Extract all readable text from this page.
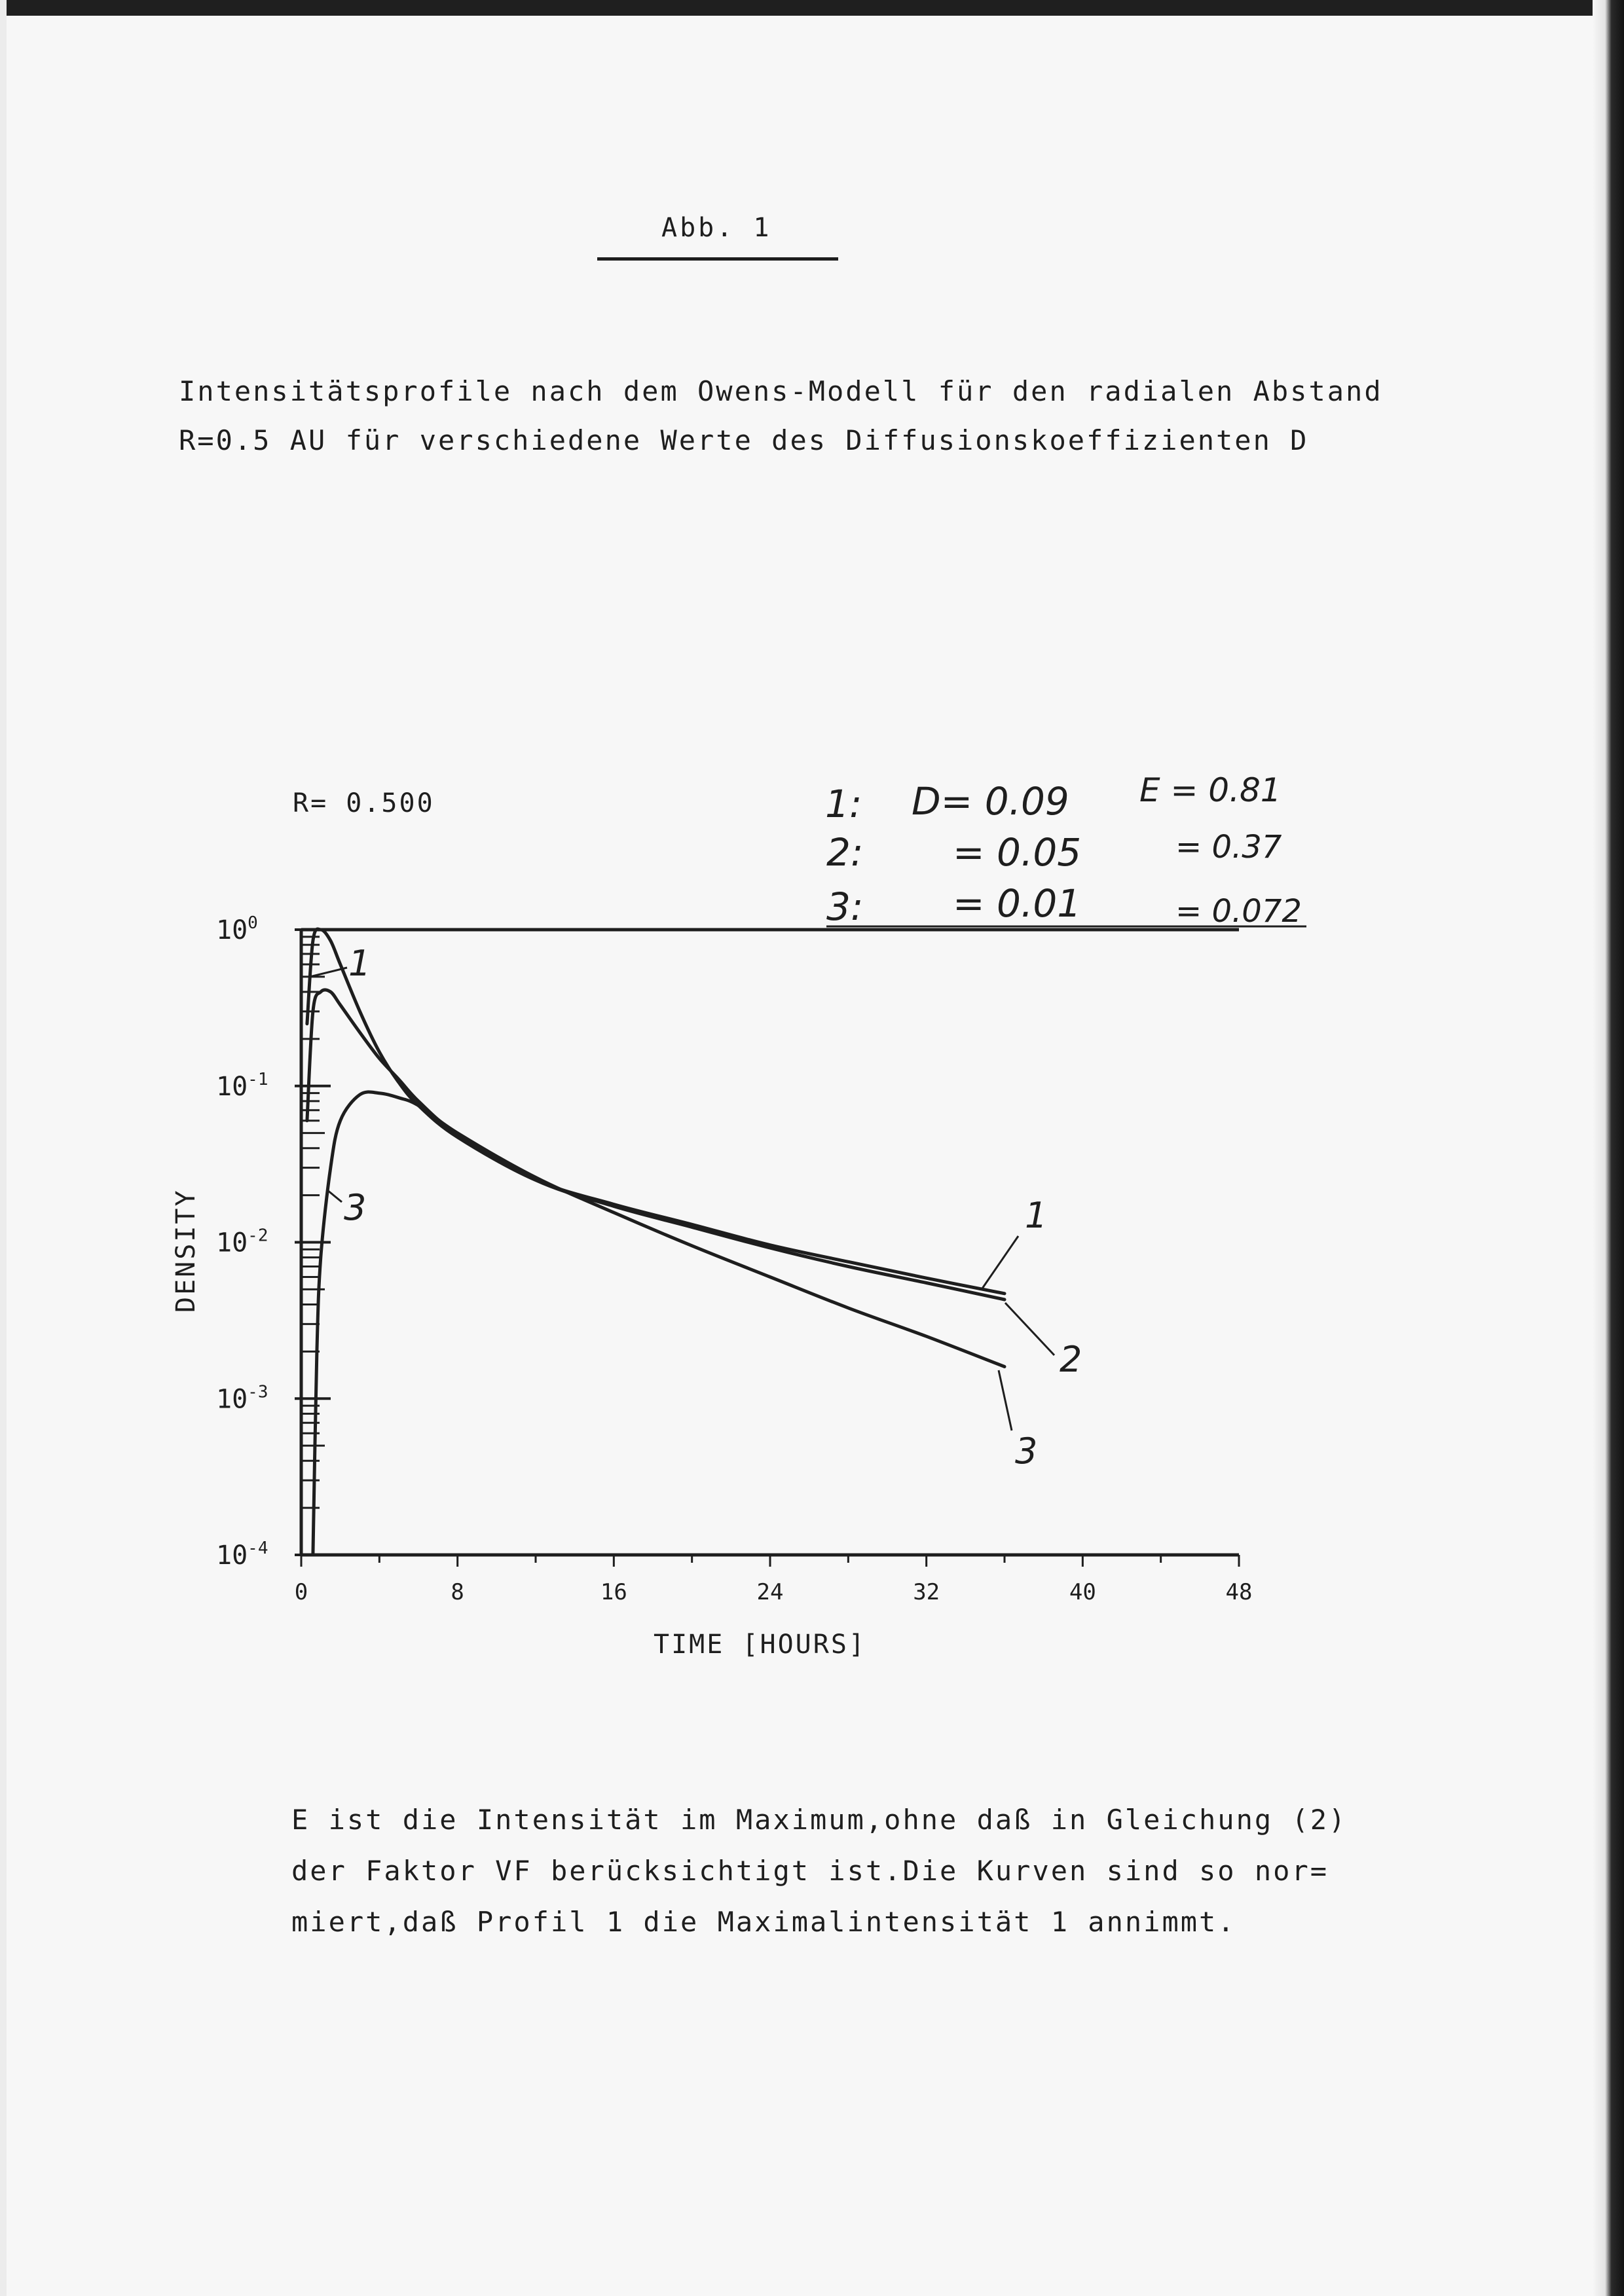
Abb. 1
Intensitätsprofile nach dem Owens-Modell für den radialen Abstand
R=0.5 AU für verschiedene Werte des Diffusionskoeffizienten D
R= 0.500	1: D= 0.09 E = 0.81
2: = 0.05	= 0.37
3: = 0.01	= 0.072
$10^0$
$10^{-1}$
$10^{-2}$
$10^{-3}$
$10^{-4}$
0	8	16	24	32	40	48
TIME [HOURS]
DENSITY
1
3	1
2
3
E ist die Intensität im Maximum,ohne daß in Gleichung (2)
der Faktor VF berücksichtigt ist.Die Kurven sind so nor=
miert,daß Profil 1 die Maximalintensität 1 annimmt.
